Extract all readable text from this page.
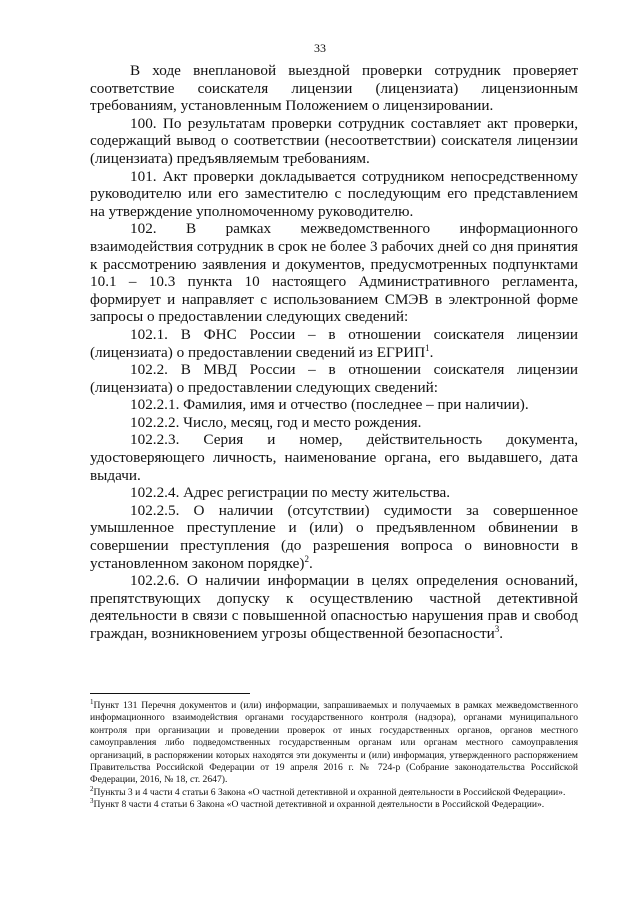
33

В ходе внеплановой выездной проверки сотрудник проверяет соответствие соискателя лицензии (лицензиата) лицензионным требованиям, установленным Положением о лицензировании.

100. По результатам проверки сотрудник составляет акт проверки, содержащий вывод о соответствии (несоответствии) соискателя лицензии (лицензиата) предъявляемым требованиям.

101. Акт проверки докладывается сотрудником непосредственному руководителю или его заместителю с последующим его представлением на утверждение уполномоченному руководителю.

102. В рамках межведомственного информационного взаимодействия сотрудник в срок не более 3 рабочих дней со дня принятия к рассмотрению заявления и документов, предусмотренных подпунктами 10.1 – 10.3 пункта 10 настоящего Административного регламента, формирует и направляет с использованием СМЭВ в электронной форме запросы о предоставлении следующих сведений:

102.1. В ФНС России – в отношении соискателя лицензии (лицензиата) о предоставлении сведений из ЕГРИП$^1$.

102.2. В МВД России – в отношении соискателя лицензии (лицензиата) о предоставлении следующих сведений:

102.2.1. Фамилия, имя и отчество (последнее – при наличии).

102.2.2. Число, месяц, год и место рождения.

102.2.3. Серия и номер, действительность документа, удостоверяющего личность, наименование органа, его выдавшего, дата выдачи.

102.2.4. Адрес регистрации по месту жительства.

102.2.5. О наличии (отсутствии) судимости за совершенное умышленное преступление и (или) о предъявленном обвинении в совершении преступления (до разрешения вопроса о виновности в установленном законом порядке)$^2$.

102.2.6. О наличии информации в целях определения оснований, препятствующих допуску к осуществлению частной детективной деятельности в связи с повышенной опасностью нарушения прав и свобод граждан, возникновением угрозы общественной безопасности$^3$.

$^1$Пункт 131 Перечня документов и (или) информации, запрашиваемых и получаемых в рамках межведомственного информационного взаимодействия органами государственного контроля (надзора), органами муниципального контроля при организации и проведении проверок от иных государственных органов, органов местного самоуправления либо подведомственных государственным органам или органам местного самоуправления организаций, в распоряжении которых находятся эти документы и (или) информация, утвержденного распоряжением Правительства Российской Федерации от 19 апреля 2016 г. № 724-р (Собрание законодательства Российской Федерации, 2016, № 18, ст. 2647).

$^2$Пункты 3 и 4 части 4 статьи 6 Закона «О частной детективной и охранной деятельности в Российской Федерации».

$^3$Пункт 8 части 4 статьи 6 Закона «О частной детективной и охранной деятельности в Российской Федерации».
